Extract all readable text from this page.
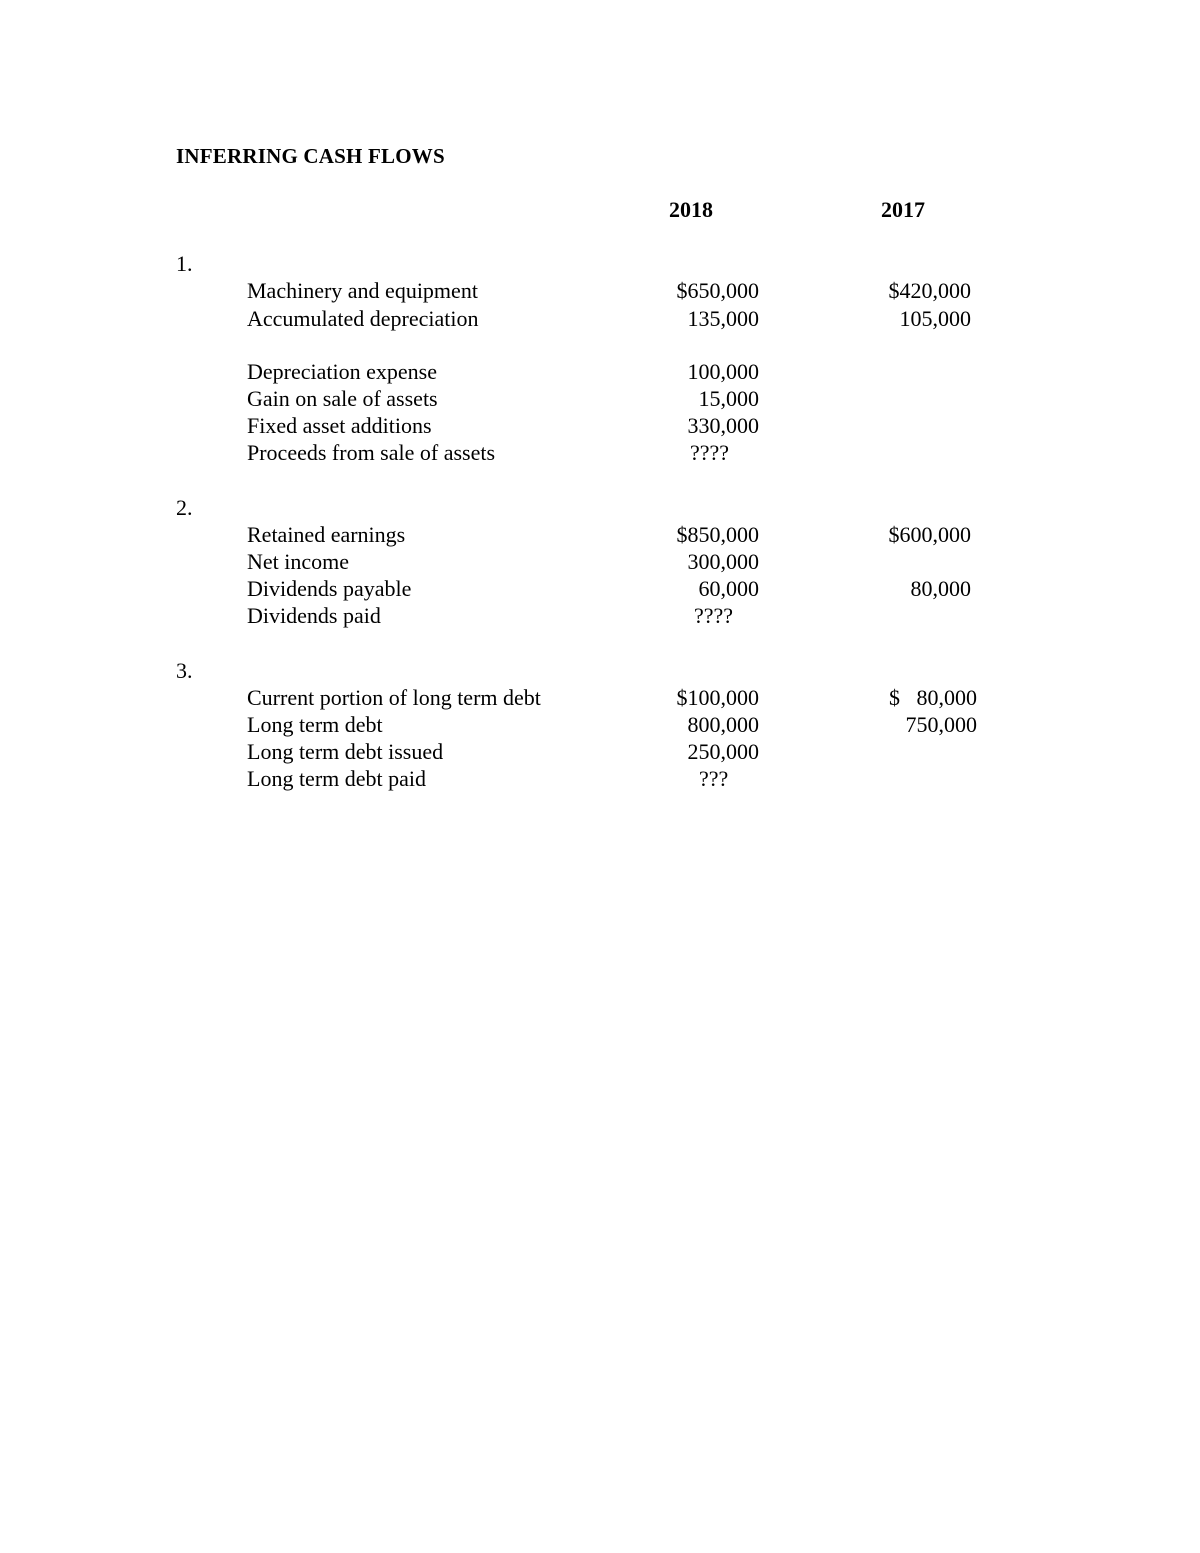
INFERRING CASH FLOWS
2018	2017
1.
Machinery and equipment	$650,000	$420,000
Accumulated depreciation	135,000	105,000
Depreciation expense	100,000
Gain on sale of assets	15,000
Fixed asset additions	330,000
Proceeds from sale of assets	????
2.
Retained earnings	$850,000	$600,000
Net income	300,000
Dividends payable	60,000	80,000
Dividends paid	????
3.
Current portion of long term debt	$100,000	$   80,000
Long term debt	800,000	750,000
Long term debt issued	250,000
Long term debt paid	???
